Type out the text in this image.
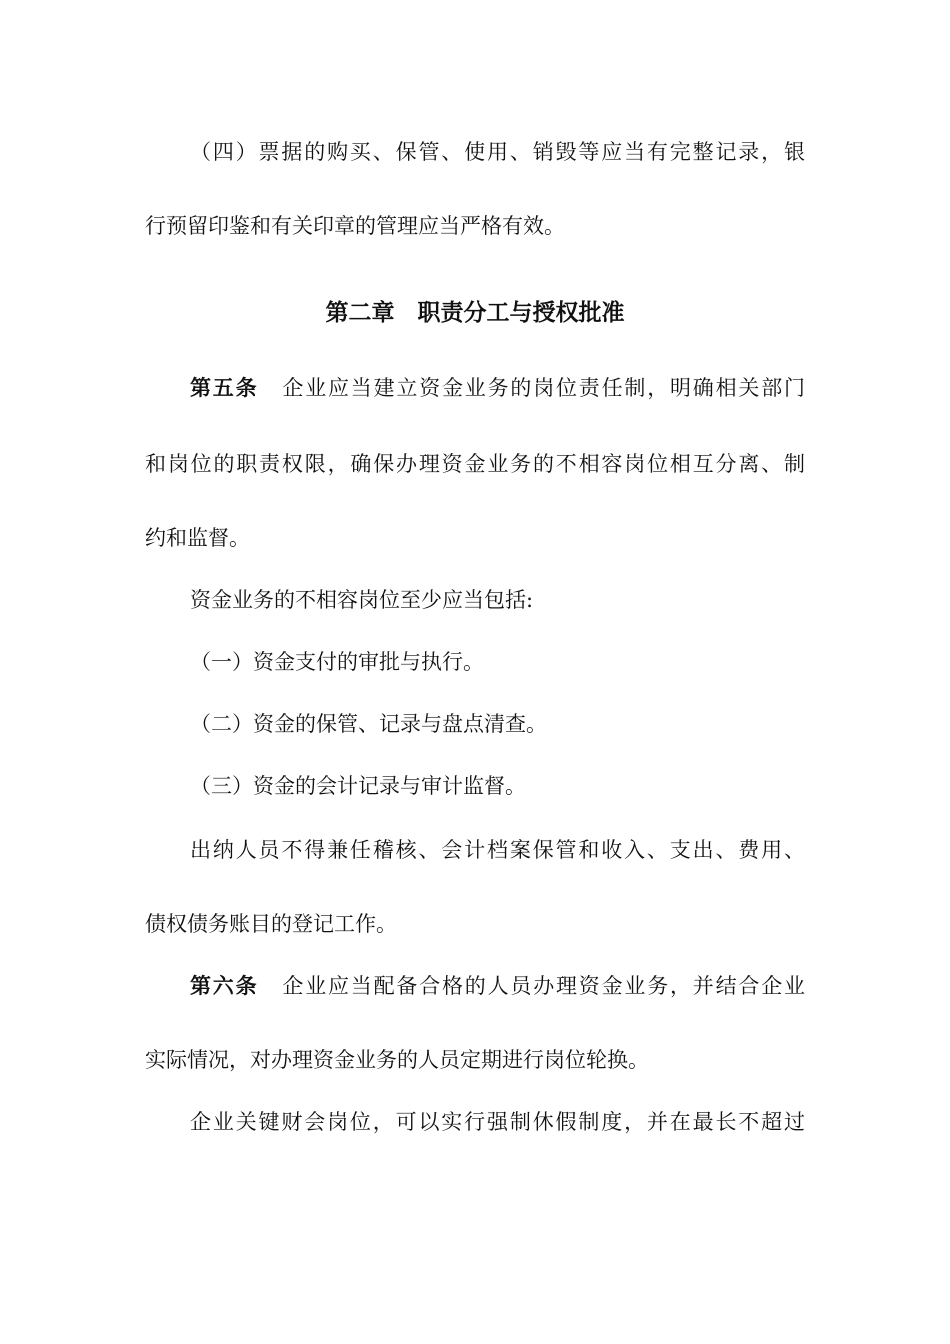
（四）票据的购买、保管、使用、销毁等应当有完整记录，银
行预留印鉴和有关印章的管理应当严格有效。
第二章　职责分工与授权批准
第五条 企业应当建立资金业务的岗位责任制，明确相关部门
和岗位的职责权限，确保办理资金业务的不相容岗位相互分离、制
约和监督。
资金业务的不相容岗位至少应当包括:
（一）资金支付的审批与执行。
（二）资金的保管、记录与盘点清查。
（三）资金的会计记录与审计监督。
出纳人员不得兼任稽核、会计档案保管和收入、支出、费用、
债权债务账目的登记工作。
第六条 企业应当配备合格的人员办理资金业务，并结合企业
实际情况，对办理资金业务的人员定期进行岗位轮换。
企业关键财会岗位，可以实行强制休假制度，并在最长不超过
